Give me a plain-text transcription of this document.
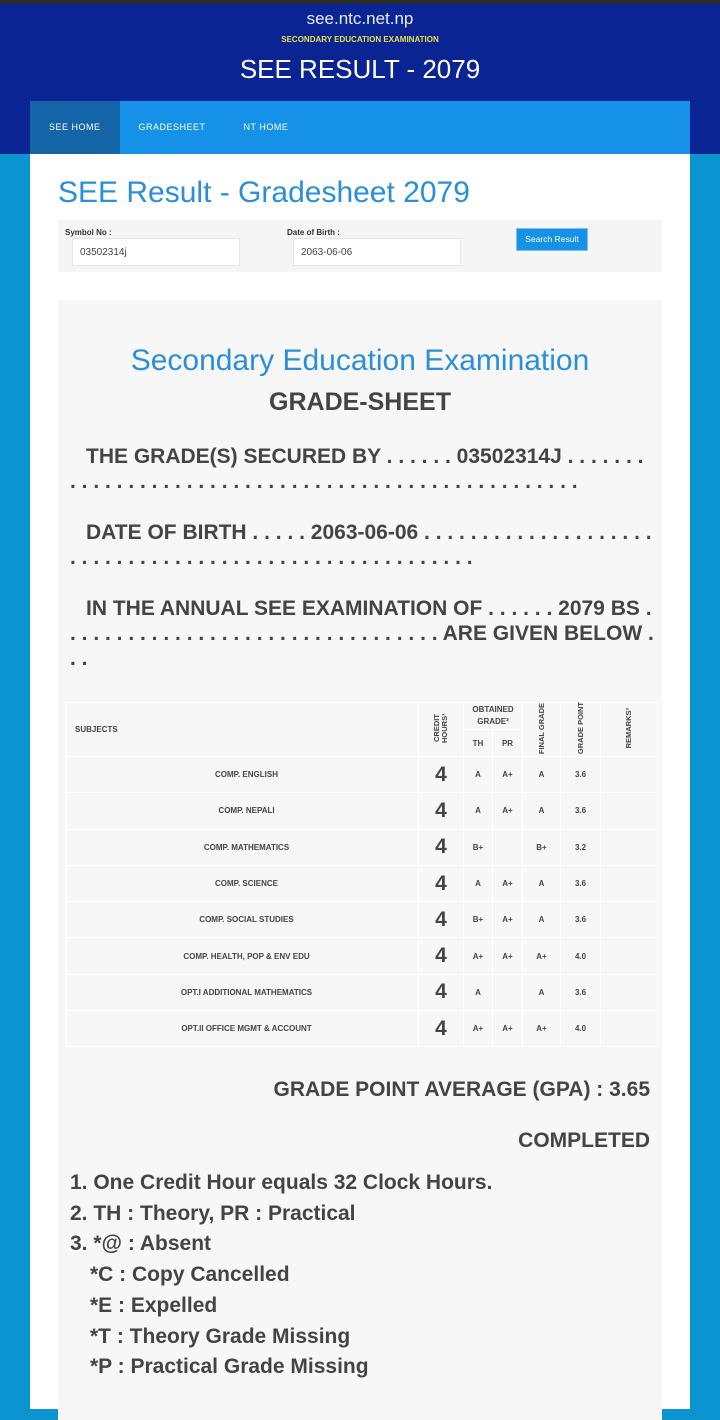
see.ntc.net.np
SECONDARY EDUCATION EXAMINATION
SEE RESULT - 2079
SEE HOME	GRADESHEET	NT HOME
SEE Result - Gradesheet 2079
Symbol No :
03502314j
Date of Birth :
2063-06-06
Search Result
Secondary Education Examination
GRADE-SHEET
THE GRADE(S) SECURED BY . . . . . . 03502314J . . . . . . . . . . . . . . . . . . . . . . . . . . . . . . . . . . . . . . . . . . . . . . . . . . .
DATE OF BIRTH . . . . . 2063-06-06 . . . . . . . . . . . . . . . . . . . . . . . . . . . . . . . . . . . . . . . . . . . . . . . . . . . . . . .
IN THE ANNUAL SEE EXAMINATION OF . . . . . . 2079 BS . . . . . . . . . . . . . . . . . . . . . . . . . . . . . . . . . ARE GIVEN BELOW . . .
SUBJECTS	CREDIT HOURS¹	OBTAINED GRADE²		FINAL GRADE	GRADE POINT	REMARKS³
		TH	PR			
COMP. ENGLISH	4	A	A+	A	3.6	
COMP. NEPALI	4	A	A+	A	3.6	
COMP. MATHEMATICS	4	B+		B+	3.2	
COMP. SCIENCE	4	A	A+	A	3.6	
COMP. SOCIAL STUDIES	4	B+	A+	A	3.6	
COMP. HEALTH, POP & ENV EDU	4	A+	A+	A+	4.0	
OPT.I ADDITIONAL MATHEMATICS	4	A		A	3.6	
OPT.II OFFICE MGMT & ACCOUNT	4	A+	A+	A+	4.0	
GRADE POINT AVERAGE (GPA) : 3.65
COMPLETED
1. One Credit Hour equals 32 Clock Hours.
2. TH : Theory, PR : Practical
3. *@ : Absent
*C : Copy Cancelled
*E : Expelled
*T : Theory Grade Missing
*P : Practical Grade Missing
